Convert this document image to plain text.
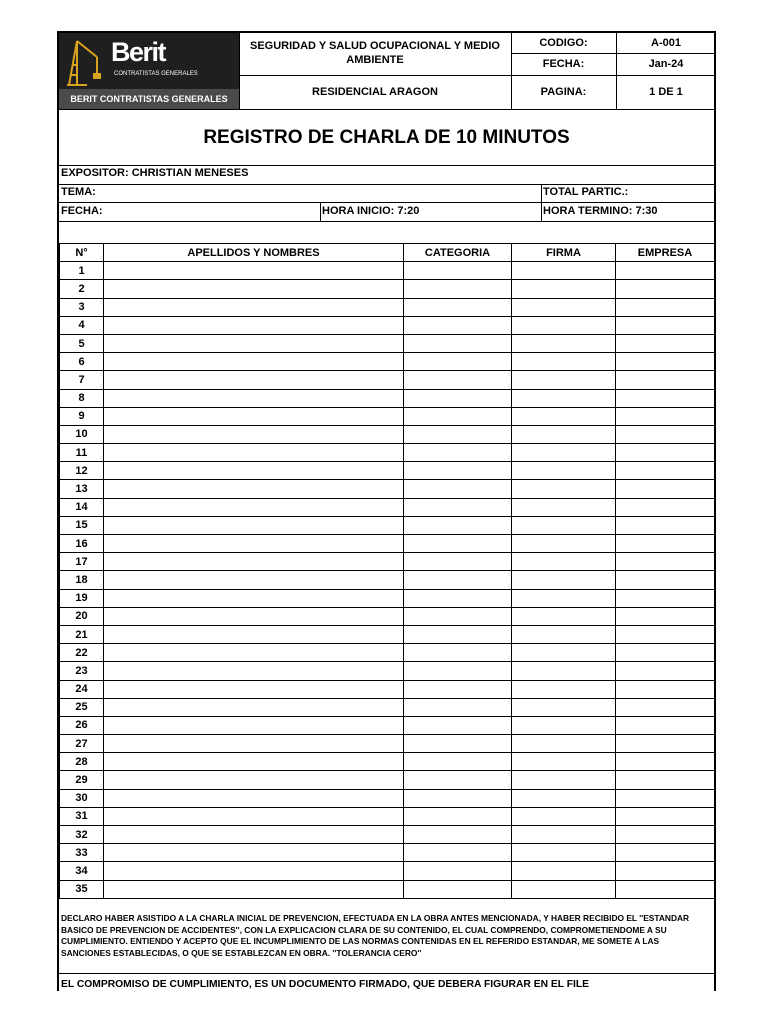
Berit
CONTRATISTAS GENERALES
BERIT CONTRATISTAS GENERALES
SEGURIDAD Y SALUD OCUPACIONAL Y MEDIO AMBIENTE
RESIDENCIAL ARAGON
CODIGO:	A-001
FECHA:	Jan-24
PAGINA:	1 DE 1
REGISTRO DE CHARLA DE 10 MINUTOS
EXPOSITOR: CHRISTIAN MENESES
TEMA:	TOTAL PARTIC.:
FECHA:	HORA INICIO: 7:20	HORA TERMINO: 7:30
N°	APELLIDOS Y NOMBRES	CATEGORIA	FIRMA	EMPRESA
1				
2				
3				
4				
5				
6				
7				
8				
9				
10				
11				
12				
13				
14				
15				
16				
17				
18				
19				
20				
21				
22				
23				
24				
25				
26				
27				
28				
29				
30				
31				
32				
33				
34				
35				
DECLARO HABER ASISTIDO A LA CHARLA INICIAL DE PREVENCION, EFECTUADA EN LA OBRA ANTES MENCIONADA, Y HABER RECIBIDO EL ''ESTANDAR BASICO DE PREVENCION DE ACCIDENTES'', CON LA EXPLICACION CLARA DE SU CONTENIDO, EL CUAL COMPRENDO, COMPROMETIENDOME A SU CUMPLIMIENTO. ENTIENDO Y ACEPTO QUE EL INCUMPLIMIENTO DE LAS NORMAS CONTENIDAS EN EL REFERIDO ESTANDAR, ME SOMETE A LAS SANCIONES ESTABLECIDAS, O QUE SE ESTABLEZCAN EN OBRA. ''TOLERANCIA CERO''
EL COMPROMISO DE CUMPLIMIENTO, ES UN DOCUMENTO FIRMADO, QUE DEBERA FIGURAR EN EL FILE
